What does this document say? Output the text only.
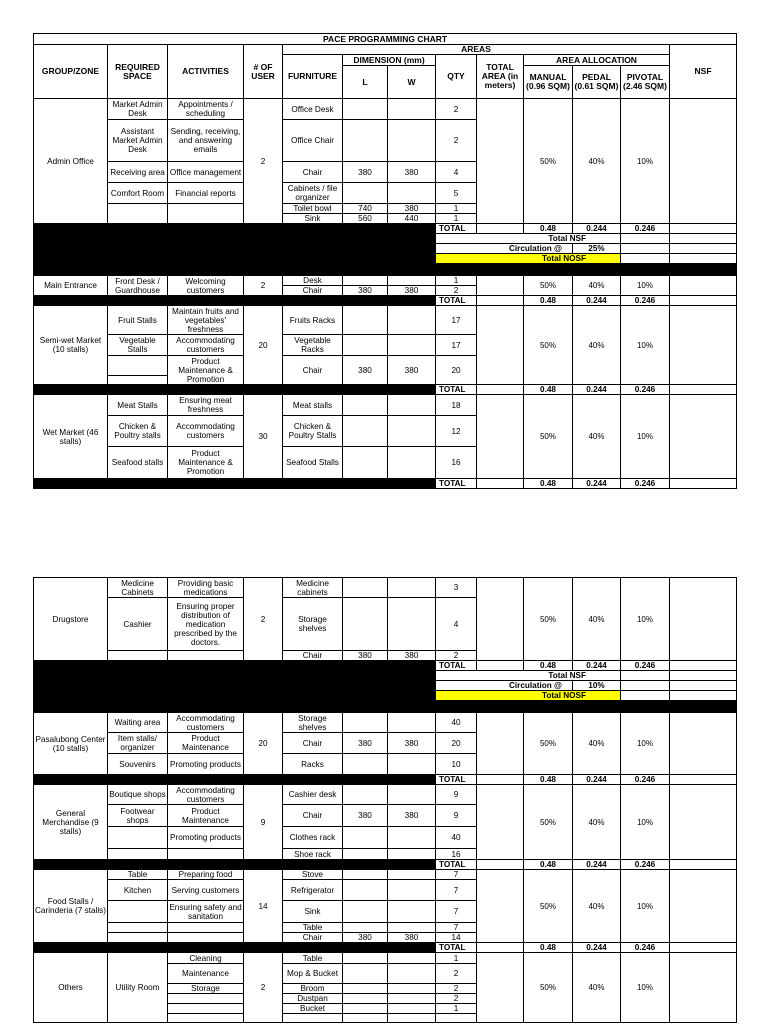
PACE PROGRAMMING CHART												
GROUP/ZONE	REQUIRED SPACE	ACTIVITIES	# OF USER	AREAS								NSF
				FURNITURE	DIMENSION (mm)		QTY	TOTAL AREA (in meters)	AREA ALLOCATION			
					L	W			MANUAL (0.96 SQM)	PEDAL (0.61 SQM)	PIVOTAL (2.46 SQM)	

Admin Office	Market Admin Desk	Appointments / scheduling	2	Office Desk			2		50%	40%	10%	
	Assistant Market Admin Desk	Sending, receiving, and answering emails		Office Chair			2					
	Receiving area	Office management		Chair	380	380	4					
	Comfort Room	Financial reports		Cabinets / file organizer			5					
				Toilet bowl	740	380	1					
				Sink	560	440	1					

							TOTAL		0.48	0.244	0.246	
							Total NSF					
							Circulation @			25%		
							Total NOSF					

Main Entrance	Front Desk / Guardhouse	Welcoming customers	2	Desk			1		50%	40%	10%	
				Chair	380	380	2					
							TOTAL		0.48	0.244	0.246	
Semi-wet Market (10 stalls)	Fruit Stalls	Maintain fruits and vegetables' freshness	20	Fruits Racks			17		50%	40%	10%	
	Vegetable Stalls	Accommodating customers		Vegetable Racks			17					
		Product Maintenance & Promotion		Chair	380	380	20					

							TOTAL		0.48	0.244	0.246	
Wet Market (46 stalls)	Meat Stalls	Ensuring meat freshness	30	Meat stalls			18		50%	40%	10%	
	Chicken & Poultry stalls	Accommodating customers		Chicken & Poultry Stalls			12					
	Seafood stalls	Product Maintenance & Promotion		Seafood Stalls			16					
							TOTAL		0.48	0.244	0.246	
Drugstore	Medicine Cabinets	Providing basic medications	2	Medicine cabinets			3		50%	40%	10%	
	Cashier	Ensuring proper distribution of medication prescribed by the doctors.		Storage shelves			4					
				Chair	380	380	2					

							TOTAL		0.48	0.244	0.246	
							Total NSF					
							Circulation @			10%		
							Total NOSF					

Pasalubong Center (10 stalls)	Waiting area	Accommodating customers	20	Storage shelves			40		50%	40%	10%	
	Item stalls/ organizer	Product Maintenance		Chair	380	380	20					
	Souvenirs	Promoting products		Racks			10					
							TOTAL		0.48	0.244	0.246	
General Merchandise (9 stalls)	Boutique shops	Accommodating customers	9	Cashier desk			9		50%	40%	10%	
	Footwear shops	Product Maintenance		Chair	380	380	9					
		Promoting products		Clothes rack			40					
				Shoe rack			16					

							TOTAL		0.48	0.244	0.246	
Food Stalls / Carinderia (7 stalls)	Table	Preparing food	14	Stove			7		50%	40%	10%	
	Kitchen	Serving customers		Refrigerator			7					
		Ensuring safety and sanitation		Sink			7					
				Table			7					
				Chair	380	380	14					
							TOTAL		0.48	0.244	0.246	
Others	Utility Room	Cleaning	2	Table			1		50%	40%	10%	
		Maintenance		Mop & Bucket			2					
		Storage		Broom			2					
				Dustpan			2					
				Bucket			1					
